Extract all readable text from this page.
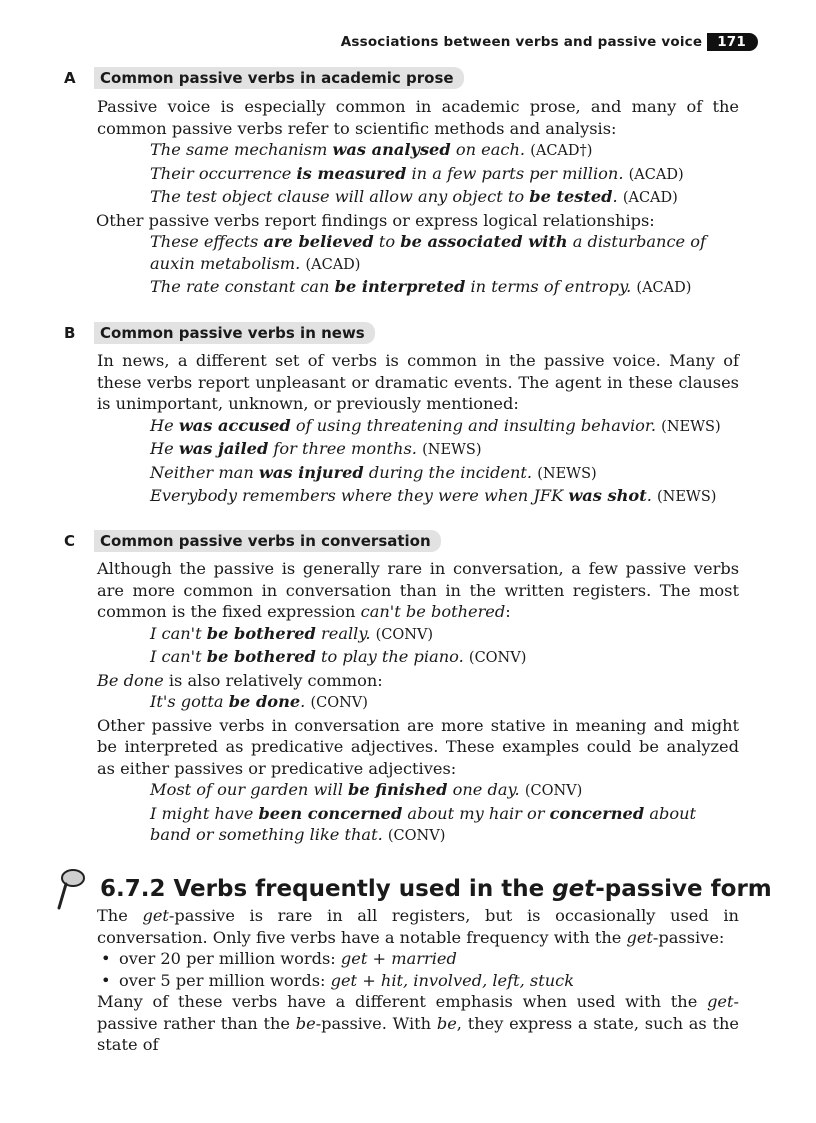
Associations between verbs and passive voice	171
A	Common passive verbs in academic prose

Passive voice is especially common in academic prose, and many of the common passive verbs refer to scientific methods and analysis:

The same mechanism was analysed on each. (ACAD†)

Their occurrence is measured in a few parts per million. (ACAD)

The test object clause will allow any object to be tested. (ACAD)

Other passive verbs report findings or express logical relationships:

These effects are believed to be associated with a disturbance of auxin metabolism. (ACAD)

The rate constant can be interpreted in terms of entropy. (ACAD)

B	Common passive verbs in news

In news, a different set of verbs is common in the passive voice. Many of these verbs report unpleasant or dramatic events. The agent in these clauses is unimportant, unknown, or previously mentioned:

He was accused of using threatening and insulting behavior. (NEWS)

He was jailed for three months. (NEWS)

Neither man was injured during the incident. (NEWS)

Everybody remembers where they were when JFK was shot. (NEWS)

C	Common passive verbs in conversation

Although the passive is generally rare in conversation, a few passive verbs are more common in conversation than in the written registers. The most common is the fixed expression can't be bothered:

I can't be bothered really. (CONV)

I can't be bothered to play the piano. (CONV)

Be done is also relatively common:

It's gotta be done. (CONV)

Other passive verbs in conversation are more stative in meaning and might be interpreted as predicative adjectives. These examples could be analyzed as either passives or predicative adjectives:

Most of our garden will be finished one day. (CONV)

I might have been concerned about my hair or concerned about band or something like that. (CONV)

6.7.2
Verbs frequently used in the get-passive form

The get-passive is rare in all registers, but is occasionally used in conversation. Only five verbs have a notable frequency with the get-passive:

• over 20 per million words: get + married

• over 5 per million words: get + hit, involved, left, stuck

Many of these verbs have a different emphasis when used with the get-passive rather than the be-passive. With be, they express a state, such as the state of
